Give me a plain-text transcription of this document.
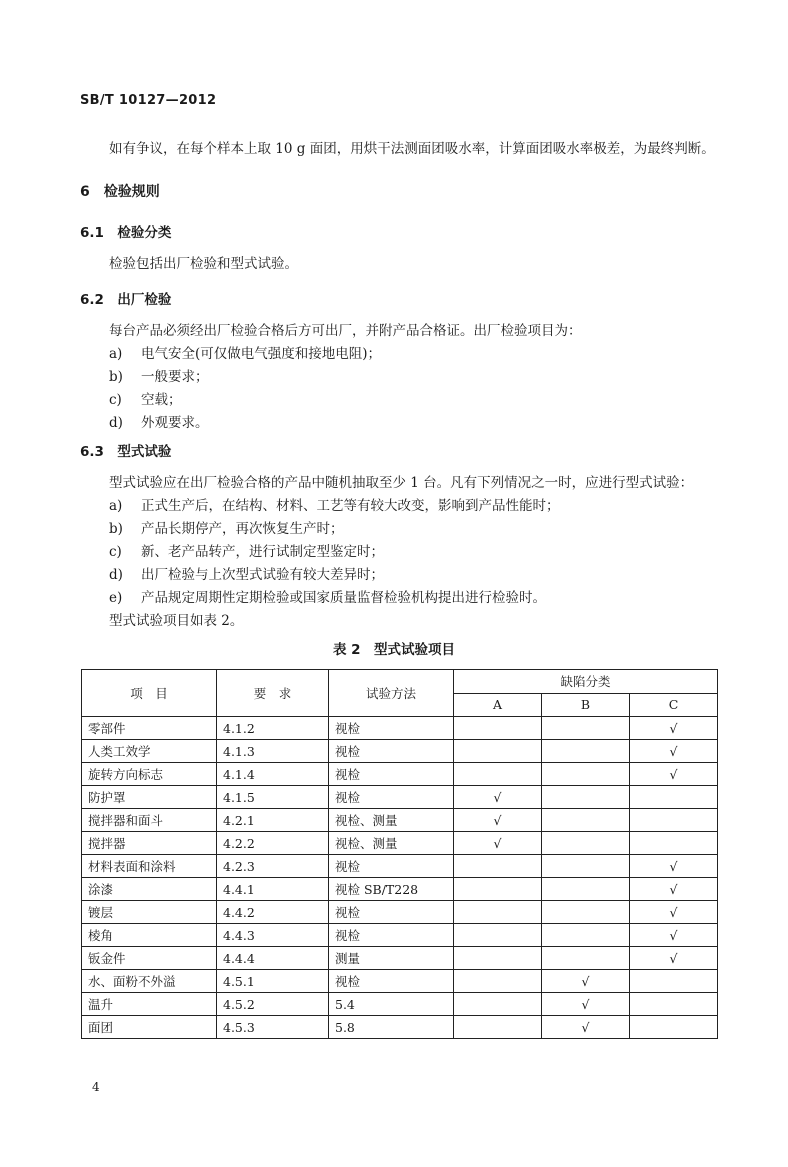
SB/T 10127—2012
如有争议，在每个样本上取 10 g 面团，用烘干法测面团吸水率，计算面团吸水率极差，为最终判断。
6　检验规则
6.1　检验分类
检验包括出厂检验和型式试验。
6.2　出厂检验
每台产品必须经出厂检验合格后方可出厂，并附产品合格证。出厂检验项目为：
a) 电气安全(可仅做电气强度和接地电阻)；
b) 一般要求；
c) 空载；
d) 外观要求。
6.3　型式试验
型式试验应在出厂检验合格的产品中随机抽取至少 1 台。凡有下列情况之一时，应进行型式试验：
a) 正式生产后，在结构、材料、工艺等有较大改变，影响到产品性能时；
b) 产品长期停产，再次恢复生产时；
c) 新、老产品转产，进行试制定型鉴定时；
d) 出厂检验与上次型式试验有较大差异时；
e) 产品规定周期性定期检验或国家质量监督检验机构提出进行检验时。
型式试验项目如表 2。
表 2　型式试验项目
项　目	要　求	试验方法	缺陷分类		
			A	B	C
零部件	4.1.2	视检			√
人类工效学	4.1.3	视检			√
旋转方向标志	4.1.4	视检			√
防护罩	4.1.5	视检	√		
搅拌器和面斗	4.2.1	视检、测量	√		
搅拌器	4.2.2	视检、测量	√		
材料表面和涂料	4.2.3	视检			√
涂漆	4.4.1	视检 SB/T228			√
镀层	4.4.2	视检			√
棱角	4.4.3	视检			√
钣金件	4.4.4	测量			√
水、面粉不外溢	4.5.1	视检		√	
温升	4.5.2	5.4		√	
面团	4.5.3	5.8		√	
4
